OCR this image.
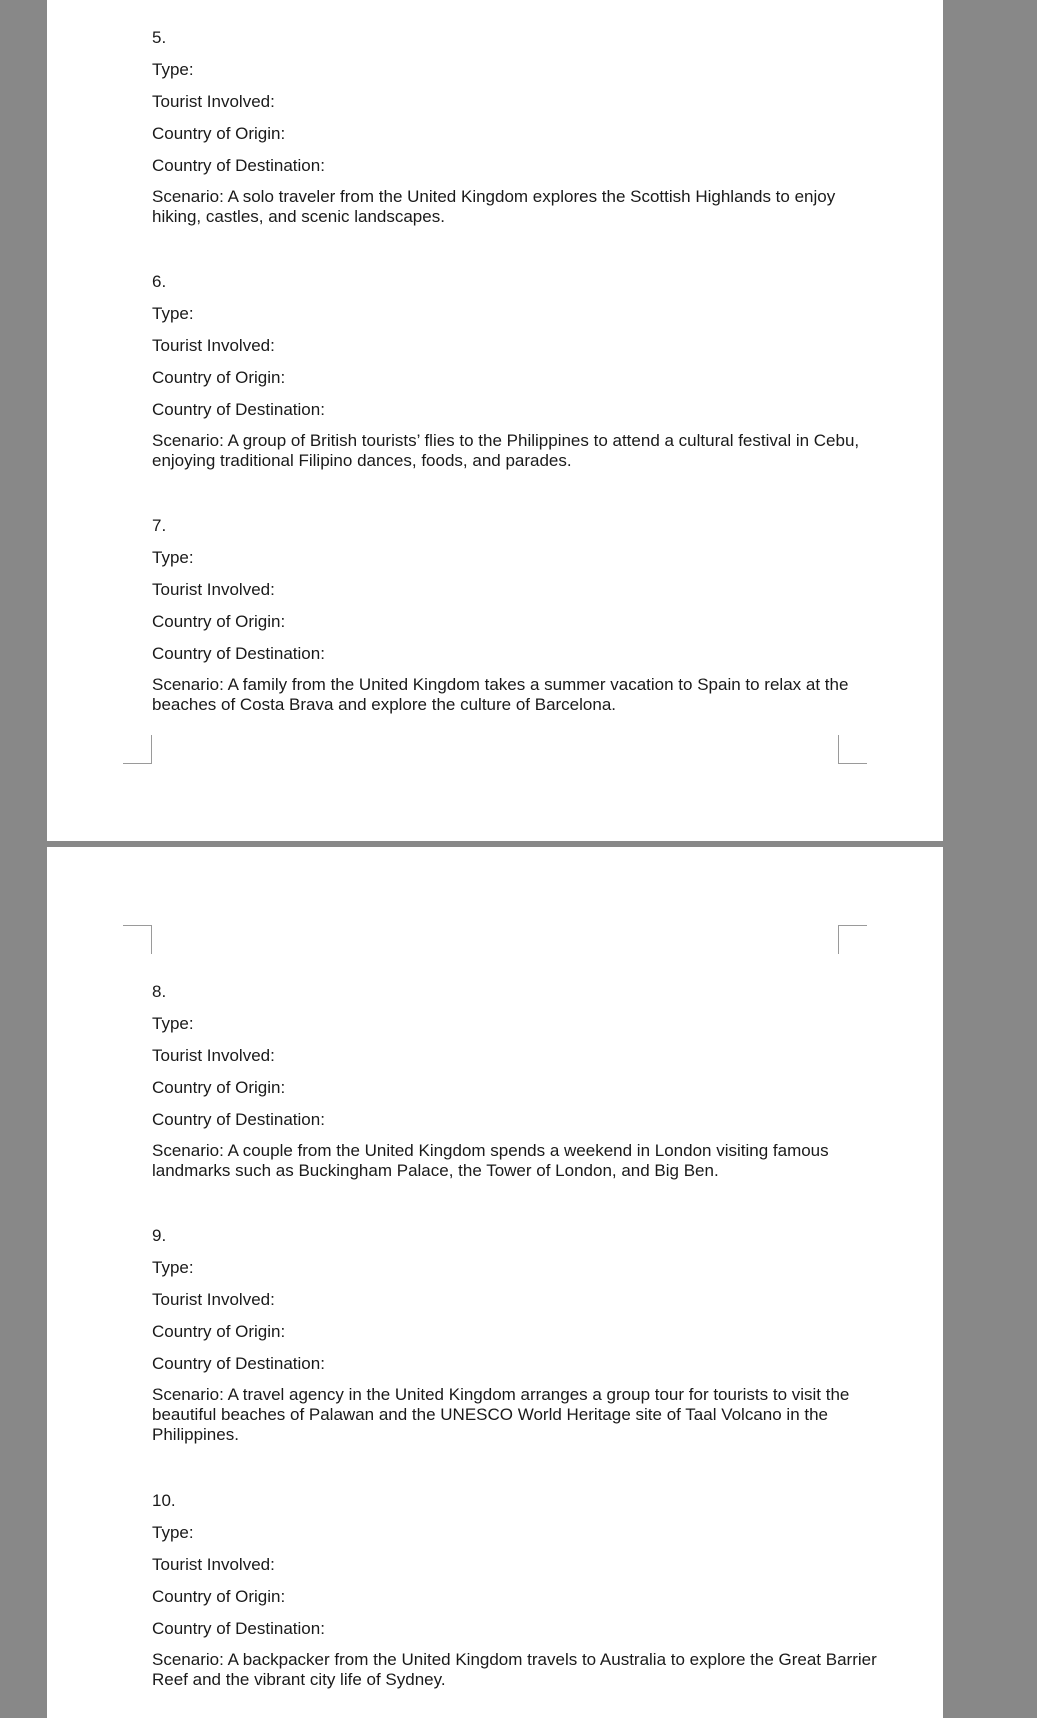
5.
Type:
Tourist Involved:
Country of Origin:
Country of Destination:
Scenario: A solo traveler from the United Kingdom explores the Scottish Highlands to enjoy hiking, castles, and scenic landscapes.
6.
Type:
Tourist Involved:
Country of Origin:
Country of Destination:
Scenario: A group of British tourists’ flies to the Philippines to attend a cultural festival in Cebu, enjoying traditional Filipino dances, foods, and parades.
7.
Type:
Tourist Involved:
Country of Origin:
Country of Destination:
Scenario: A family from the United Kingdom takes a summer vacation to Spain to relax at the beaches of Costa Brava and explore the culture of Barcelona.
8.
Type:
Tourist Involved:
Country of Origin:
Country of Destination:
Scenario: A couple from the United Kingdom spends a weekend in London visiting famous landmarks such as Buckingham Palace, the Tower of London, and Big Ben.
9.
Type:
Tourist Involved:
Country of Origin:
Country of Destination:
Scenario: A travel agency in the United Kingdom arranges a group tour for tourists to visit the beautiful beaches of Palawan and the UNESCO World Heritage site of Taal Volcano in the Philippines.
10.
Type:
Tourist Involved:
Country of Origin:
Country of Destination:
Scenario: A backpacker from the United Kingdom travels to Australia to explore the Great Barrier Reef and the vibrant city life of Sydney.
